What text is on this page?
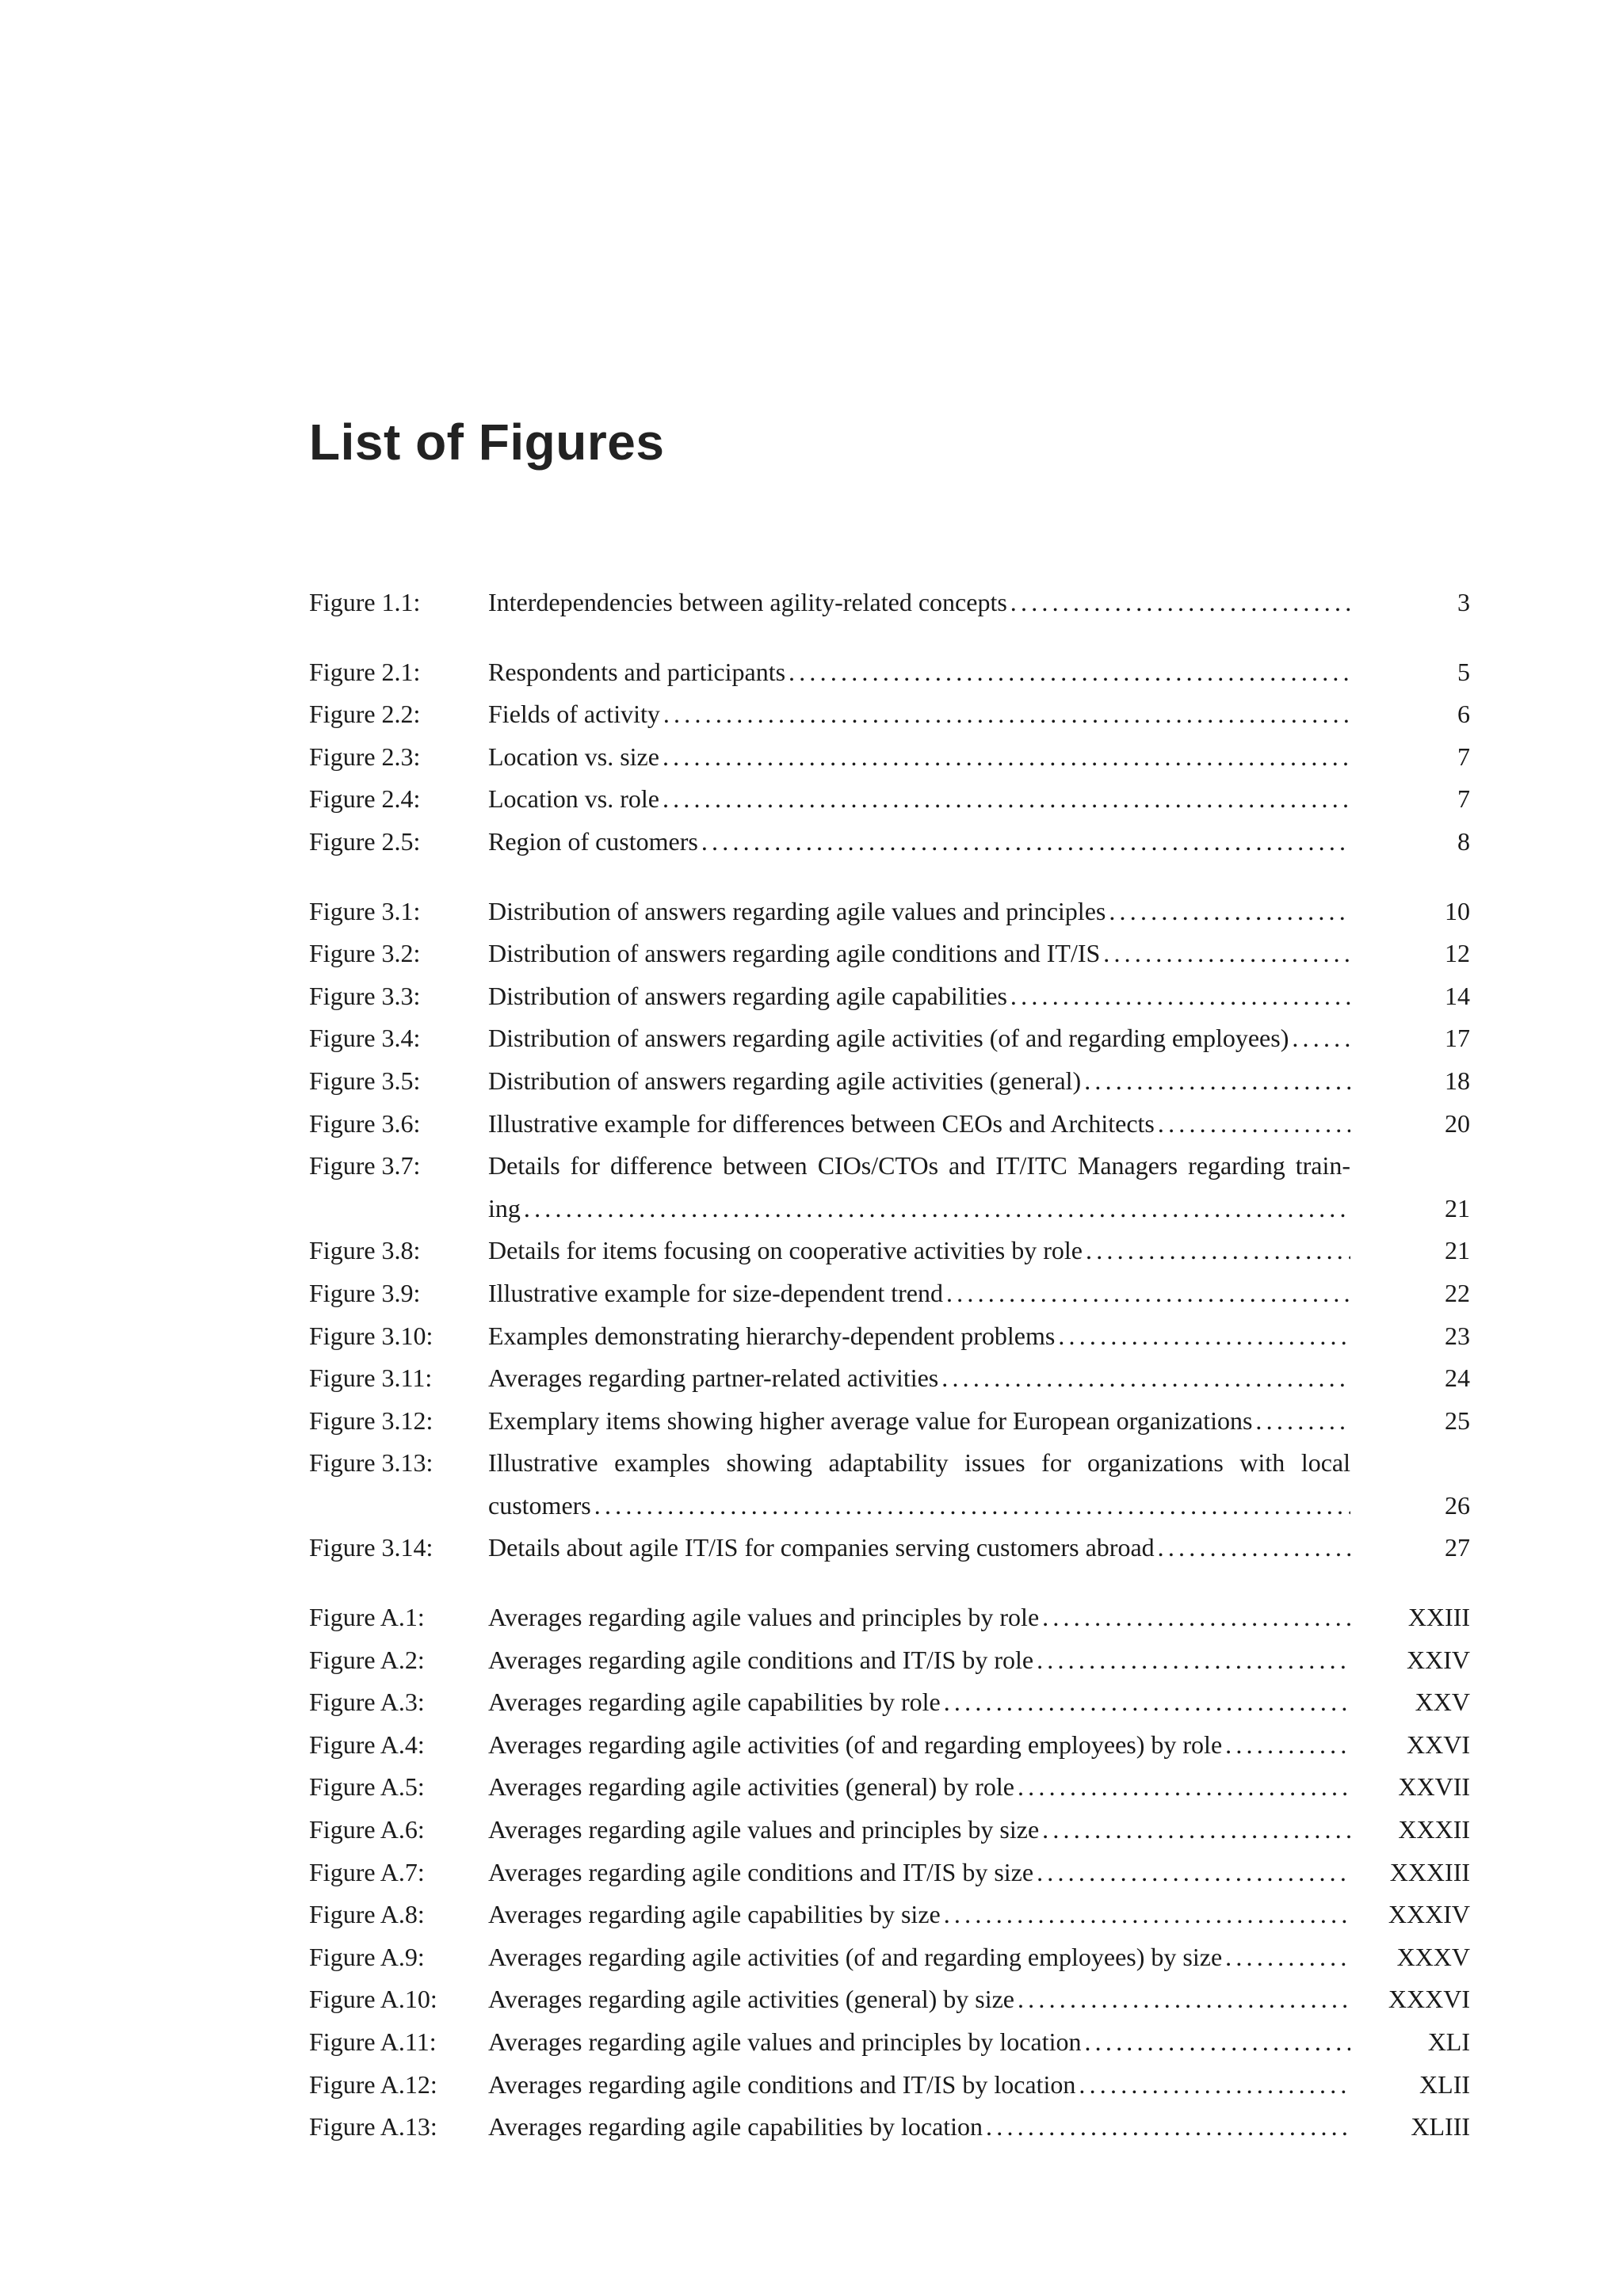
List of Figures
Figure 1.1:	Interdependencies between agility-related concepts . . .	3
Figure 2.1:	Respondents and participants . . .	5
Figure 2.2:	Fields of activity . . .	6
Figure 2.3:	Location vs. size . . .	7
Figure 2.4:	Location vs. role . . .	7
Figure 2.5:	Region of customers . . .	8
Figure 3.1:	Distribution of answers regarding agile values and principles . . .	10
Figure 3.2:	Distribution of answers regarding agile conditions and IT/IS . . .	12
Figure 3.3:	Distribution of answers regarding agile capabilities . . .	14
Figure 3.4:	Distribution of answers regarding agile activities (of and regarding employees) . . .	17
Figure 3.5:	Distribution of answers regarding agile activities (general) . . .	18
Figure 3.6:	Illustrative example for differences between CEOs and Architects . . .	20
Figure 3.7:	Details for difference between CIOs/CTOs and IT/ITC Managers regarding train-
ing . . .	21
Figure 3.8:	Details for items focusing on cooperative activities by role . . .	21
Figure 3.9:	Illustrative example for size-dependent trend . . .	22
Figure 3.10:	Examples demonstrating hierarchy-dependent problems . . .	23
Figure 3.11:	Averages regarding partner-related activities . . .	24
Figure 3.12:	Exemplary items showing higher average value for European organizations . . .	25
Figure 3.13:	Illustrative examples showing adaptability issues for organizations with local
customers . . .	26
Figure 3.14:	Details about agile IT/IS for companies serving customers abroad . . .	27
Figure A.1:	Averages regarding agile values and principles by role . . .	XXIII
Figure A.2:	Averages regarding agile conditions and IT/IS by role . . .	XXIV
Figure A.3:	Averages regarding agile capabilities by role . . .	XXV
Figure A.4:	Averages regarding agile activities (of and regarding employees) by role . . .	XXVI
Figure A.5:	Averages regarding agile activities (general) by role . . .	XXVII
Figure A.6:	Averages regarding agile values and principles by size . . .	XXXII
Figure A.7:	Averages regarding agile conditions and IT/IS by size . . .	XXXIII
Figure A.8:	Averages regarding agile capabilities by size . . .	XXXIV
Figure A.9:	Averages regarding agile activities (of and regarding employees) by size . . .	XXXV
Figure A.10:	Averages regarding agile activities (general) by size . . .	XXXVI
Figure A.11:	Averages regarding agile values and principles by location . . .	XLI
Figure A.12:	Averages regarding agile conditions and IT/IS by location . . .	XLII
Figure A.13:	Averages regarding agile capabilities by location . . .	XLIII
